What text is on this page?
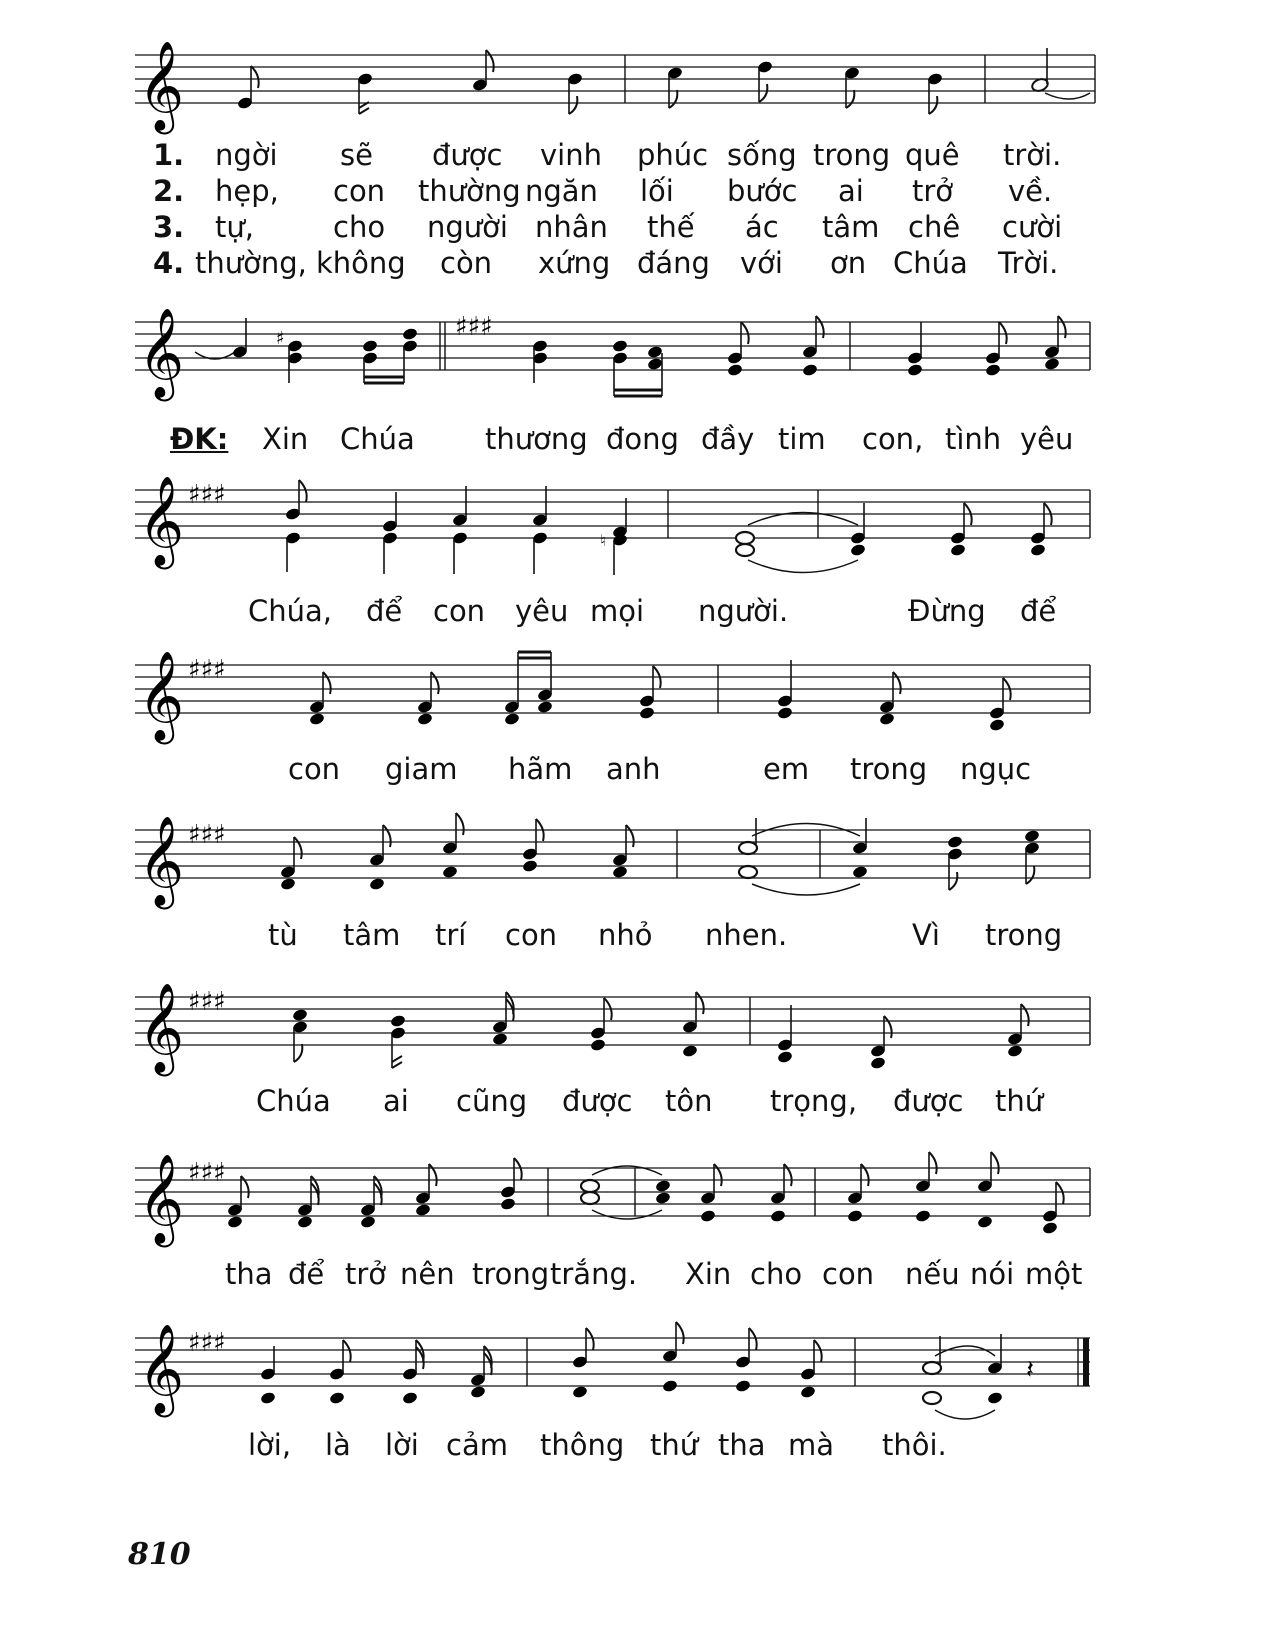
𝄞
1. ngời sẽ được vinh phúc sống trong quê trời.
2. hẹp, con thường ngăn lối bước ai trở về.
3. tự,	cho người nhân thế ác tâm chê cười
4. thường, không còn xứng đáng với ơn Chúa Trời.
𝄞	♯♯♯
♯
ĐK: Xin Chúa thương đong đầy tim con, tình yêu
𝄞 ♯♯♯
♮
Chúa, để con yêu mọi người.	Đừng để
𝄞 ♯♯♯
con giam hãm anh	em trong ngục
𝄞 ♯♯♯
tù tâm trí con nhỏ nhen.	Vì trong
𝄞 ♯♯♯
Chúa ai cũng được tôn trọng, được thứ
𝄞 ♯♯♯
tha để trở nên trong trắng. Xin cho con nếu nói một
𝄞 ♯♯♯
𝄽
lời, là lời cảm thông thứ tha mà thôi.
810
